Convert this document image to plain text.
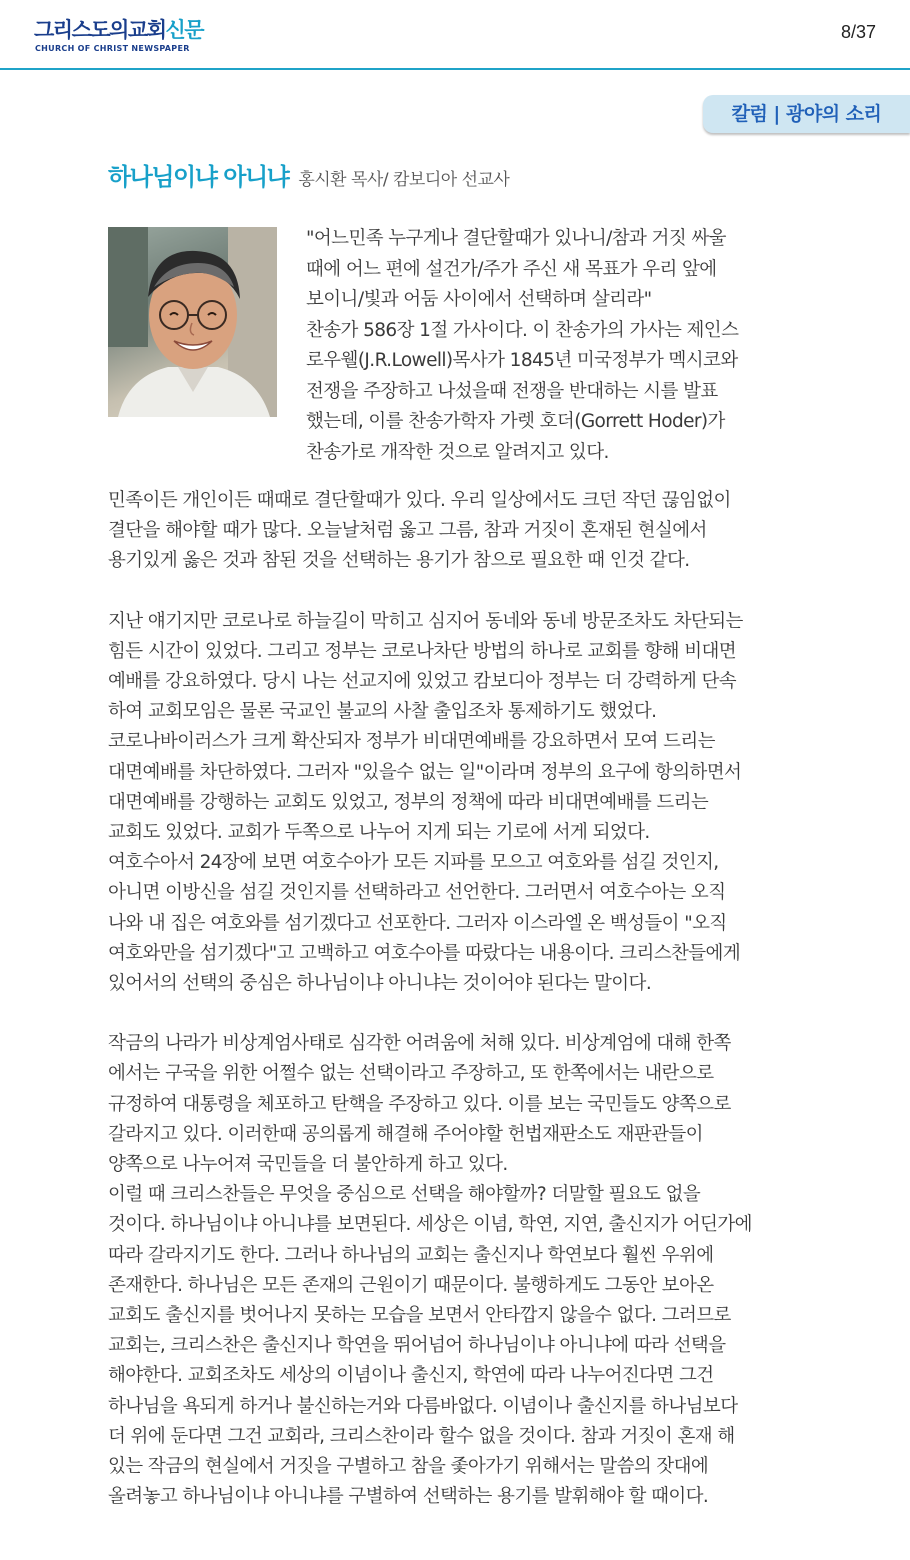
그리스도의교회신문
CHURCH OF CHRIST NEWSPAPER
8/37
칼럼 | 광야의 소리
하나님이냐 아니냐 홍시환 목사/ 캄보디아 선교사

"어느민족 누구게나 결단할때가 있나니/참과 거짓 싸울

때에 어느 편에 설건가/주가 주신 새 목표가 우리 앞에

보이니/빛과 어둠 사이에서 선택하며 살리라"

찬송가 586장 1절 가사이다. 이 찬송가의 가사는 제인스

로우웰(J.R.Lowell)목사가 1845년 미국정부가 멕시코와

전쟁을 주장하고 나섰을때 전쟁을 반대하는 시를 발표

했는데, 이를 찬송가학자 가렛 호더(Gorrett Hoder)가

찬송가로 개작한 것으로 알려지고 있다.

민족이든 개인이든 때때로 결단할때가 있다. 우리 일상에서도 크던 작던 끊임없이

결단을 해야할 때가 많다. 오늘날처럼 옳고 그름, 참과 거짓이 혼재된 현실에서

용기있게 옳은 것과 참된 것을 선택하는 용기가 참으로 필요한 때 인것 같다.

지난 얘기지만 코로나로 하늘길이 막히고 심지어 동네와 동네 방문조차도 차단되는

힘든 시간이 있었다. 그리고 정부는 코로나차단 방법의 하나로 교회를 향해 비대면

예배를 강요하였다. 당시 나는 선교지에 있었고 캄보디아 정부는 더 강력하게 단속

하여 교회모임은 물론 국교인 불교의 사찰 출입조차 통제하기도 했었다.

코로나바이러스가 크게 확산되자 정부가 비대면예배를 강요하면서 모여 드리는

대면예배를 차단하였다. 그러자 "있을수 없는 일"이라며 정부의 요구에 항의하면서

대면예배를 강행하는 교회도 있었고, 정부의 정책에 따라 비대면예배를 드리는

교회도 있었다. 교회가 두쪽으로 나누어 지게 되는 기로에 서게 되었다.

여호수아서 24장에 보면 여호수아가 모든 지파를 모으고 여호와를 섬길 것인지,

아니면 이방신을 섬길 것인지를 선택하라고 선언한다. 그러면서 여호수아는 오직

나와 내 집은 여호와를 섬기겠다고 선포한다. 그러자 이스라엘 온 백성들이 "오직

여호와만을 섬기겠다"고 고백하고 여호수아를 따랐다는 내용이다. 크리스찬들에게

있어서의 선택의 중심은 하나님이냐 아니냐는 것이어야 된다는 말이다.

작금의 나라가 비상계엄사태로 심각한 어려움에 처해 있다. 비상계엄에 대해 한쪽

에서는 구국을 위한 어쩔수 없는 선택이라고 주장하고, 또 한쪽에서는 내란으로

규정하여 대통령을 체포하고 탄핵을 주장하고 있다. 이를 보는 국민들도 양쪽으로

갈라지고 있다. 이러한때 공의롭게 해결해 주어야할 헌법재판소도 재판관들이

양쪽으로 나누어져 국민들을 더 불안하게 하고 있다.

이럴 때 크리스찬들은 무엇을 중심으로 선택을 해야할까? 더말할 필요도 없을

것이다. 하나님이냐 아니냐를 보면된다. 세상은 이념, 학연, 지연, 출신지가 어딘가에

따라 갈라지기도 한다. 그러나 하나님의 교회는 출신지나 학연보다 훨씬 우위에

존재한다. 하나님은 모든 존재의 근원이기 때문이다. 불행하게도 그동안 보아온

교회도 출신지를 벗어나지 못하는 모습을 보면서 안타깝지 않을수 없다. 그러므로

교회는, 크리스찬은 출신지나 학연을 뛰어넘어 하나님이냐 아니냐에 따라 선택을

해야한다. 교회조차도 세상의 이념이나 출신지, 학연에 따라 나누어진다면 그건

하나님을 욕되게 하거나 불신하는거와 다름바없다. 이념이나 출신지를 하나님보다

더 위에 둔다면 그건 교회라, 크리스찬이라 할수 없을 것이다. 참과 거짓이 혼재 해

있는 작금의 현실에서 거짓을 구별하고 참을 좇아가기 위해서는 말씀의 잣대에

올려놓고 하나님이냐 아니냐를 구별하여 선택하는 용기를 발휘해야 할 때이다.
